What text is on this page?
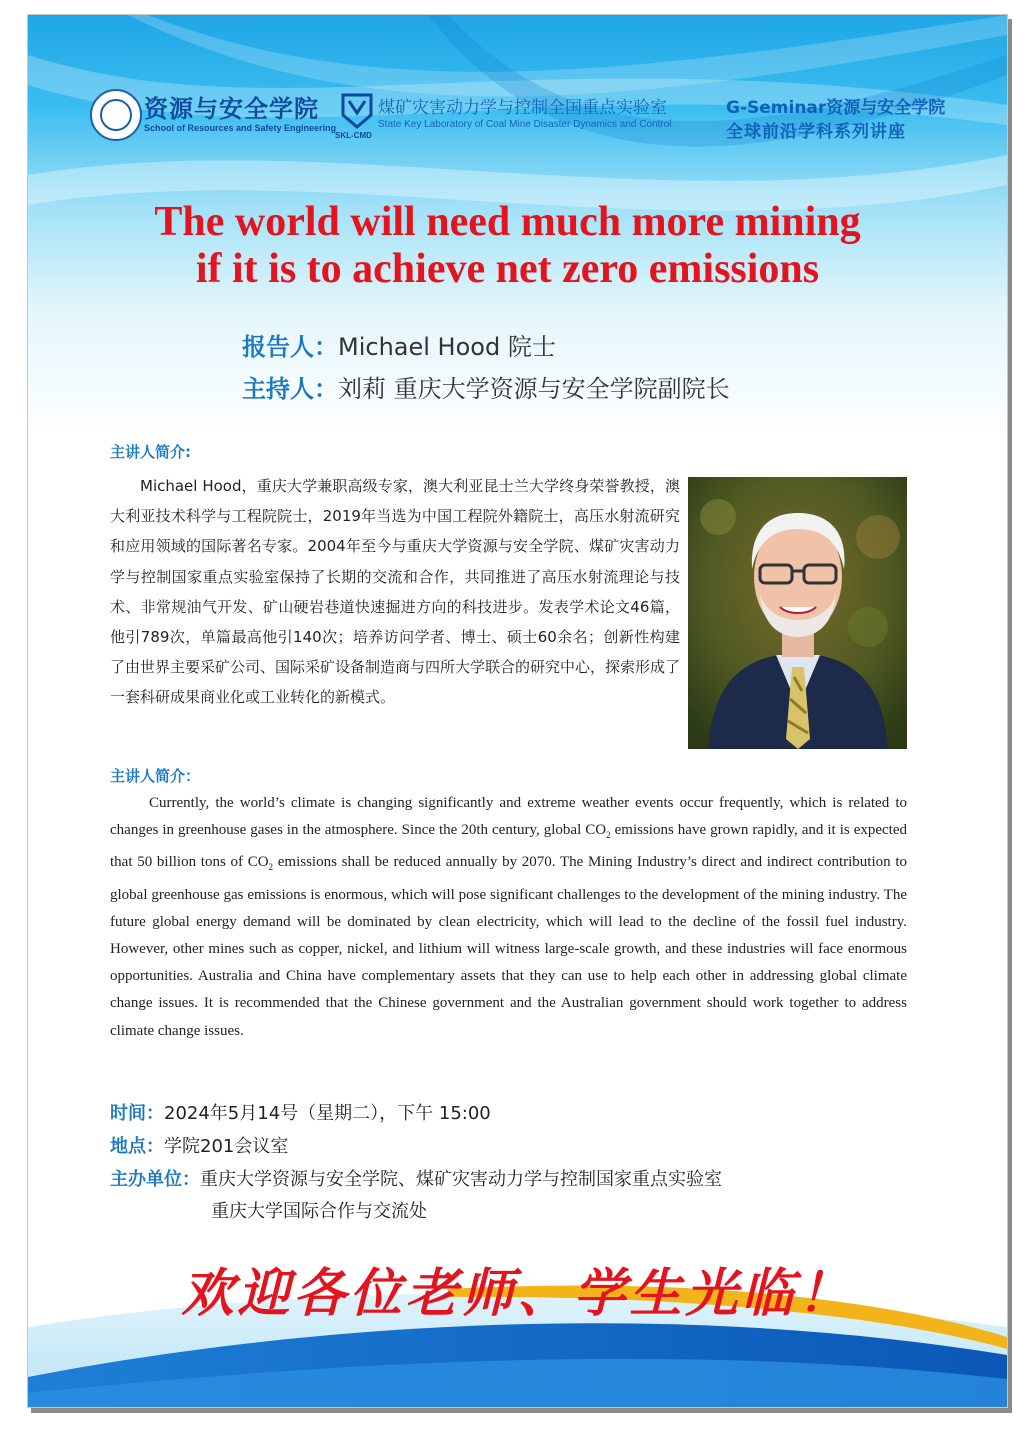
资源与安全学院
School of Resources and Safety Engineering
SKL-CMD
煤矿灾害动力学与控制全国重点实验室
State Key Laboratory of Coal Mine Disaster Dynamics and Control
G-Seminar资源与安全学院
全球前沿学科系列讲座
The world will need much more mining
if it is to achieve net zero emissions
报告人：Michael Hood 院士
主持人：刘莉 重庆大学资源与安全学院副院长
主讲人简介:
Michael Hood，重庆大学兼职高级专家，澳大利亚昆士兰大学终身荣誉教授，澳大利亚技术科学与工程院院士，2019年当选为中国工程院外籍院士，高压水射流研究和应用领域的国际著名专家。2004年至今与重庆大学资源与安全学院、煤矿灾害动力学与控制国家重点实验室保持了长期的交流和合作，共同推进了高压水射流理论与技术、非常规油气开发、矿山硬岩巷道快速掘进方向的科技进步。发表学术论文46篇，他引789次，单篇最高他引140次；培养访问学者、博士、硕士60余名；创新性构建了由世界主要采矿公司、国际采矿设备制造商与四所大学联合的研究中心，探索形成了一套科研成果商业化或工业转化的新模式。
主讲人简介：
Currently, the world’s climate is changing significantly and extreme weather events occur frequently, which is related to changes in greenhouse gases in the atmosphere. Since the 20th century, global $CO_2$ emissions have grown rapidly, and it is expected that 50 billion tons of $CO_2$ emissions shall be reduced annually by 2070. The Mining Industry’s direct and indirect contribution to global greenhouse gas emissions is enormous, which will pose significant challenges to the development of the mining industry. The future global energy demand will be dominated by clean electricity, which will lead to the decline of the fossil fuel industry. However, other mines such as copper, nickel, and lithium will witness large-scale growth, and these industries will face enormous opportunities. Australia and China have complementary assets that they can use to help each other in addressing global climate change issues. It is recommended that the Chinese government and the Australian government should work together to address climate change issues.
时间：2024年5月14号（星期二），下午 15:00
地点：学院201会议室
主办单位：重庆大学资源与安全学院、煤矿灾害动力学与控制国家重点实验室
重庆大学国际合作与交流处
欢迎各位老师、学生光临！
